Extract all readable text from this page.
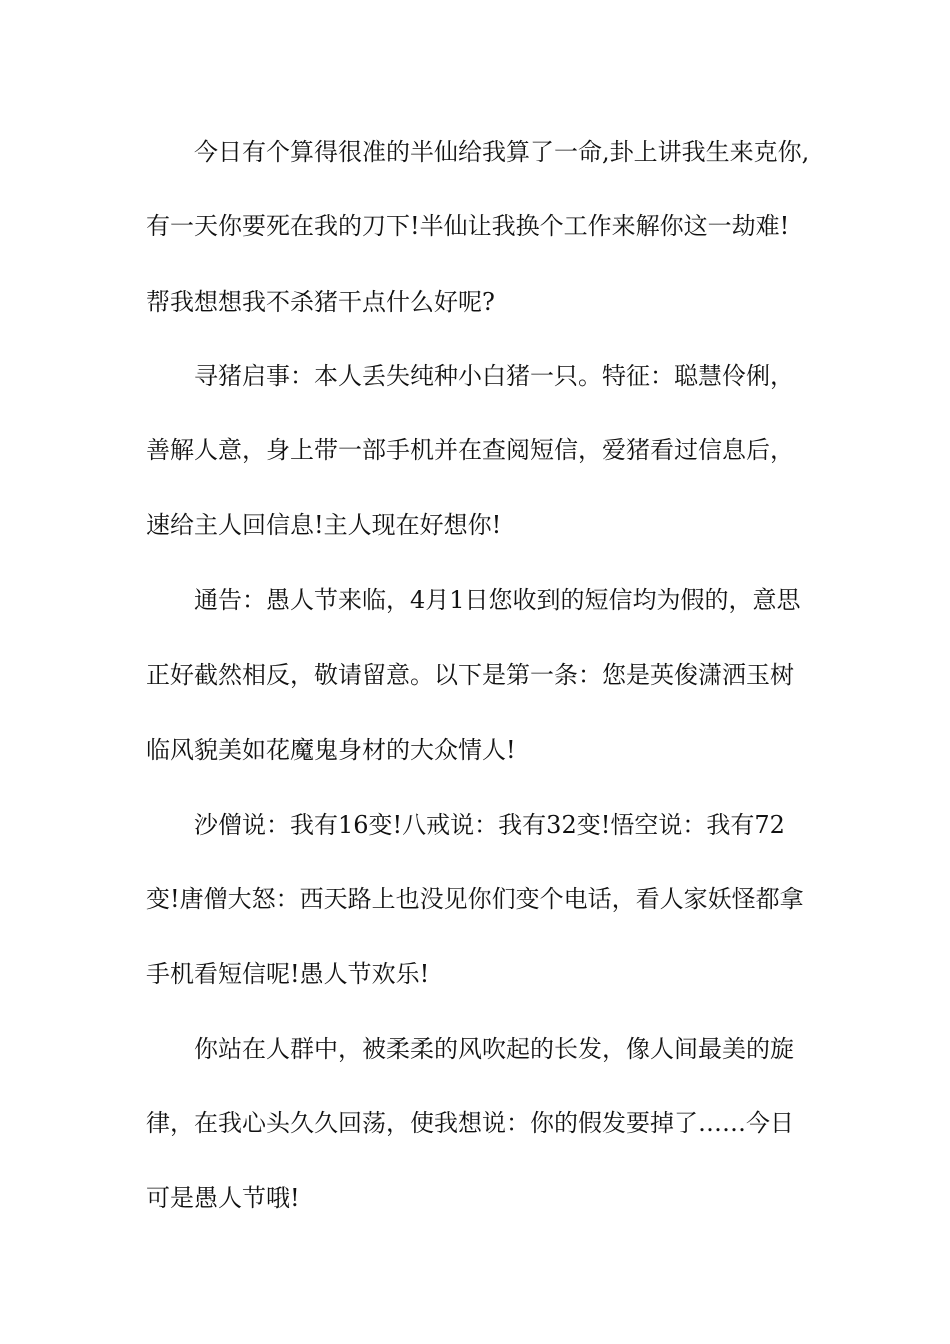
今日有个算得很准的半仙给我算了一命,卦上讲我生来克你,
有一天你要死在我的刀下!半仙让我换个工作来解你这一劫难!
帮我想想我不杀猪干点什么好呢?
寻猪启事：本人丢失纯种小白猪一只。特征：聪慧伶俐，
善解人意，身上带一部手机并在查阅短信，爱猪看过信息后，
速给主人回信息!主人现在好想你!
通告：愚人节来临，4月1日您收到的短信均为假的，意思
正好截然相反，敬请留意。以下是第一条：您是英俊潇洒玉树
临风貌美如花魔鬼身材的大众情人!
沙僧说：我有16变!八戒说：我有32变!悟空说：我有72
变!唐僧大怒：西天路上也没见你们变个电话，看人家妖怪都拿
手机看短信呢!愚人节欢乐!
你站在人群中，被柔柔的风吹起的长发，像人间最美的旋
律，在我心头久久回荡，使我想说：你的假发要掉了……今日
可是愚人节哦!
